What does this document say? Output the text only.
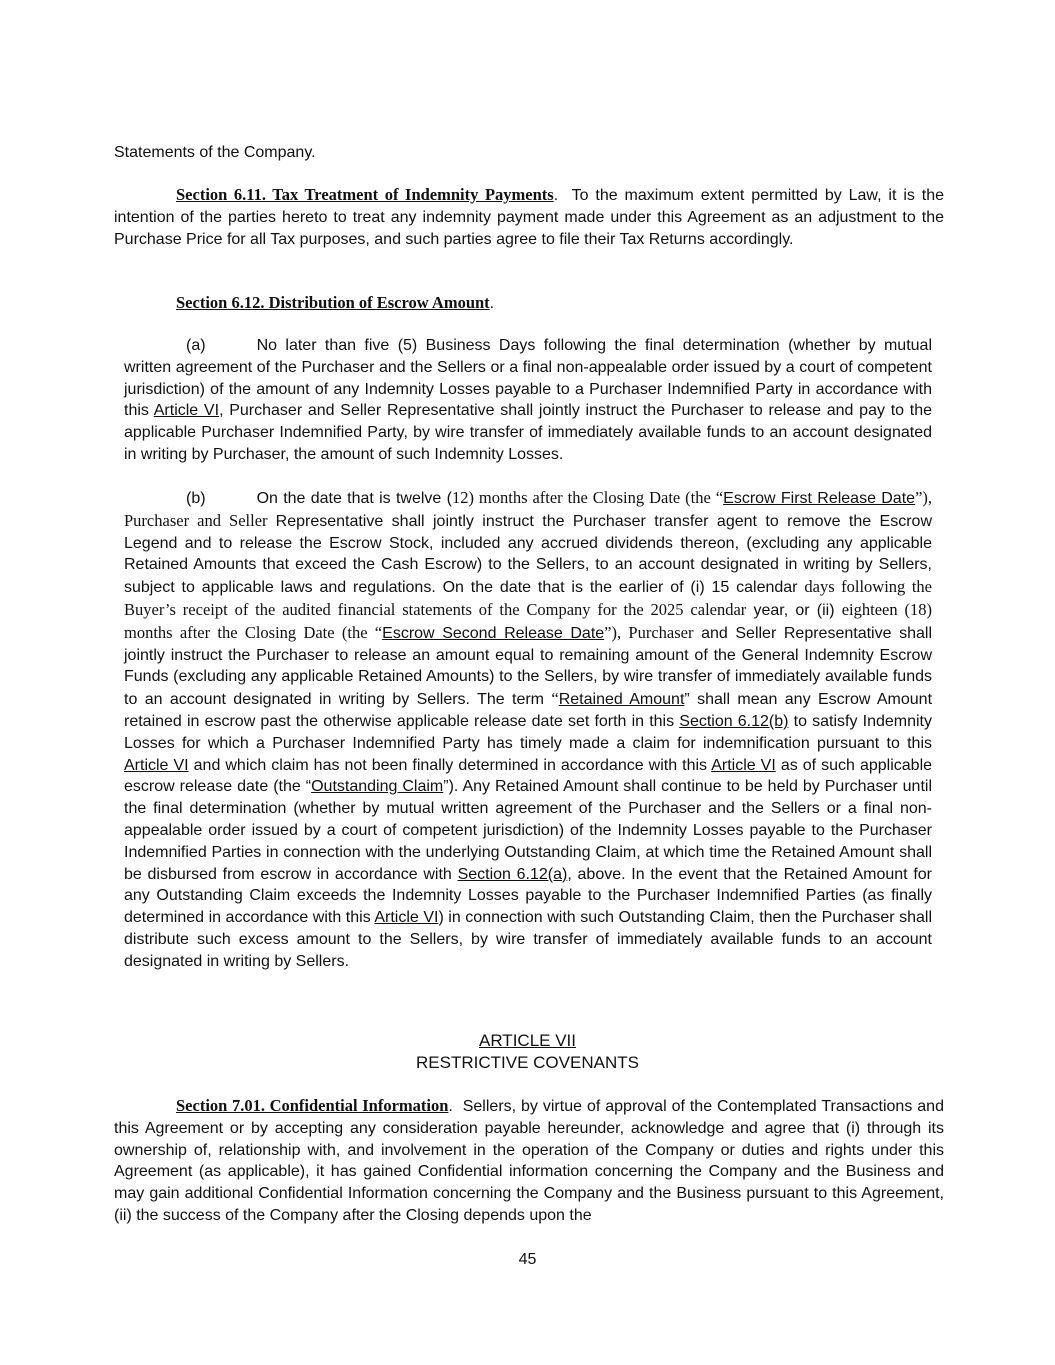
Statements of the Company.

Section 6.11. Tax Treatment of Indemnity Payments.  To the maximum extent permitted by Law, it is the intention of the parties hereto to treat any indemnity payment made under this Agreement as an adjustment to the Purchase Price for all Tax purposes, and such parties agree to file their Tax Returns accordingly.

Section 6.12. Distribution of Escrow Amount.

(a)	No later than five (5) Business Days following the final determination (whether by mutual written agreement of the Purchaser and the Sellers or a final non-appealable order issued by a court of competent jurisdiction) of the amount of any Indemnity Losses payable to a Purchaser Indemnified Party in accordance with this Article VI, Purchaser and Seller Representative shall jointly instruct the Purchaser to release and pay to the applicable Purchaser Indemnified Party, by wire transfer of immediately available funds to an account designated in writing by Purchaser, the amount of such Indemnity Losses.

(b)	On the date that is twelve (12) months after the Closing Date (the “Escrow First Release Date”), Purchaser and Seller Representative shall jointly instruct the Purchaser transfer agent to remove the Escrow Legend and to release the Escrow Stock, included any accrued dividends thereon, (excluding any applicable Retained Amounts that exceed the Cash Escrow) to the Sellers, to an account designated in writing by Sellers, subject to applicable laws and regulations. On the date that is the earlier of (i) 15 calendar days following the Buyer’s receipt of the audited financial statements of the Company for the 2025 calendar year, or (ii) eighteen (18) months after the Closing Date (the “Escrow Second Release Date”), Purchaser and Seller Representative shall jointly instruct the Purchaser to release an amount equal to remaining amount of the General Indemnity Escrow Funds (excluding any applicable Retained Amounts) to the Sellers, by wire transfer of immediately available funds to an account designated in writing by Sellers. The term “Retained Amount” shall mean any Escrow Amount retained in escrow past the otherwise applicable release date set forth in this Section 6.12(b) to satisfy Indemnity Losses for which a Purchaser Indemnified Party has timely made a claim for indemnification pursuant to this Article VI and which claim has not been finally determined in accordance with this Article VI as of such applicable escrow release date (the “Outstanding Claim”). Any Retained Amount shall continue to be held by Purchaser until the final determination (whether by mutual written agreement of the Purchaser and the Sellers or a final non-appealable order issued by a court of competent jurisdiction) of the Indemnity Losses payable to the Purchaser Indemnified Parties in connection with the underlying Outstanding Claim, at which time the Retained Amount shall be disbursed from escrow in accordance with Section 6.12(a), above. In the event that the Retained Amount for any Outstanding Claim exceeds the Indemnity Losses payable to the Purchaser Indemnified Parties (as finally determined in accordance with this Article VI) in connection with such Outstanding Claim, then the Purchaser shall distribute such excess amount to the Sellers, by wire transfer of immediately available funds to an account designated in writing by Sellers.

ARTICLE VII

RESTRICTIVE COVENANTS

Section 7.01. Confidential Information.  Sellers, by virtue of approval of the Contemplated Transactions and this Agreement or by accepting any consideration payable hereunder, acknowledge and agree that (i) through its ownership of, relationship with, and involvement in the operation of the Company or duties and rights under this Agreement (as applicable), it has gained Confidential information concerning the Company and the Business and may gain additional Confidential Information concerning the Company and the Business pursuant to this Agreement, (ii) the success of the Company after the Closing depends upon the

45
